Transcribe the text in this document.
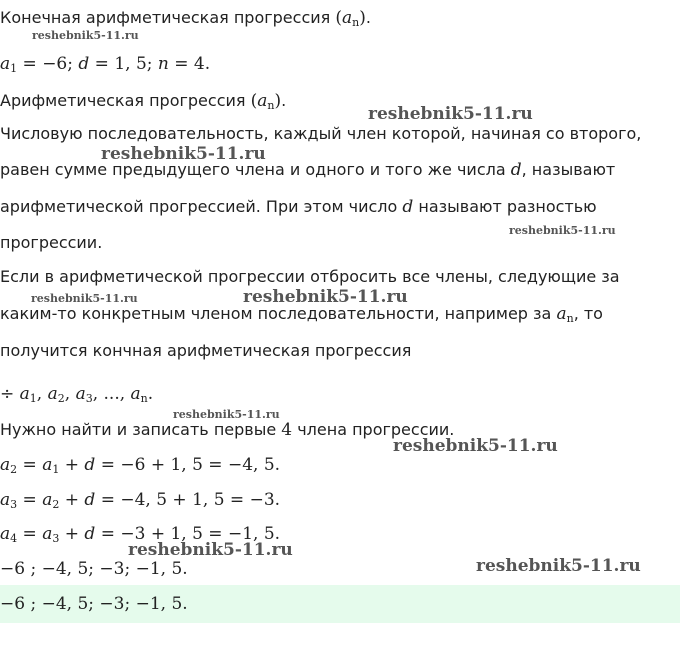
Конечная арифметическая прогрессия $(a_n)$.
$a_1 = -6$; d = 1, 5; n = 4.
Арифметическая прогрессия $(a_n)$.
Числовую последовательность, каждый член которой, начиная со второго,
равен сумме предыдущего члена и одного и того же числа d, называют
арифметической прогрессией. При этом число d называют разностью
прогрессии.
Если в арифметической прогрессии отбросить все члены, следующие за
каким-то конкретным членом последовательности, например за $a_n$, то
получится кончная арифметическая прогрессия
÷ $a_1$, $a_2$, $a_3$, ..., $a_n$.
Нужно найти и записать первые 4 члена прогрессии.
$a_2 = a_1 + d = -6 + 1$, 5 = −4, 5.
$a_3 = a_2 + d = -4$, 5 + 1, 5 = −3.
$a_4 = a_3 + d = -3 + 1$, 5 = −1, 5.
−6 ; −4, 5; −3; −1, 5.
−6 ; −4, 5; −3; −1, 5.
reshebnik5-11.ru
reshebnik5-11.ru
reshebnik5-11.ru
reshebnik5-11.ru
reshebnik5-11.ru	reshebnik5-11.ru
reshebnik5-11.ru
reshebnik5-11.ru
reshebnik5-11.ru
reshebnik5-11.ru
